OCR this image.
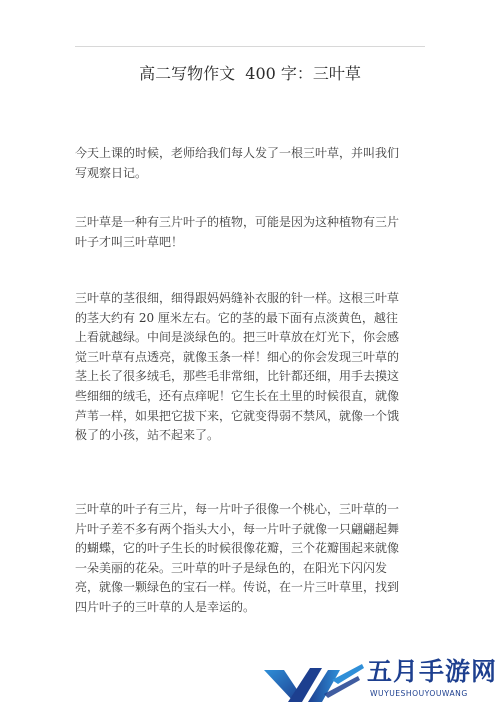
高二写物作文  400 字：三叶草

今天上课的时候，老师给我们每人发了一根三叶草，并叫我们写观察日记。

三叶草是一种有三片叶子的植物，可能是因为这种植物有三片叶子才叫三叶草吧！

三叶草的茎很细，细得跟妈妈缝补衣服的针一样。这根三叶草的茎大约有 20 厘米左右。它的茎的最下面有点淡黄色，越往上看就越绿。中间是淡绿色的。把三叶草放在灯光下，你会感觉三叶草有点透亮，就像玉条一样！细心的你会发现三叶草的茎上长了很多绒毛，那些毛非常细，比针都还细，用手去摸这些细细的绒毛，还有点痒呢！它生长在土里的时候很直，就像芦苇一样，如果把它拔下来，它就变得弱不禁风，就像一个饿极了的小孩，站不起来了。

三叶草的叶子有三片，每一片叶子很像一个桃心，三叶草的一片叶子差不多有两个指头大小，每一片叶子就像一只翩翩起舞的蝴蝶，它的叶子生长的时候很像花瓣，三个花瓣围起来就像一朵美丽的花朵。三叶草的叶子是绿色的，在阳光下闪闪发亮，就像一颗绿色的宝石一样。传说，在一片三叶草里，找到四片叶子的三叶草的人是幸运的。

五月手游网
WUYUESHOUYOUWANG
